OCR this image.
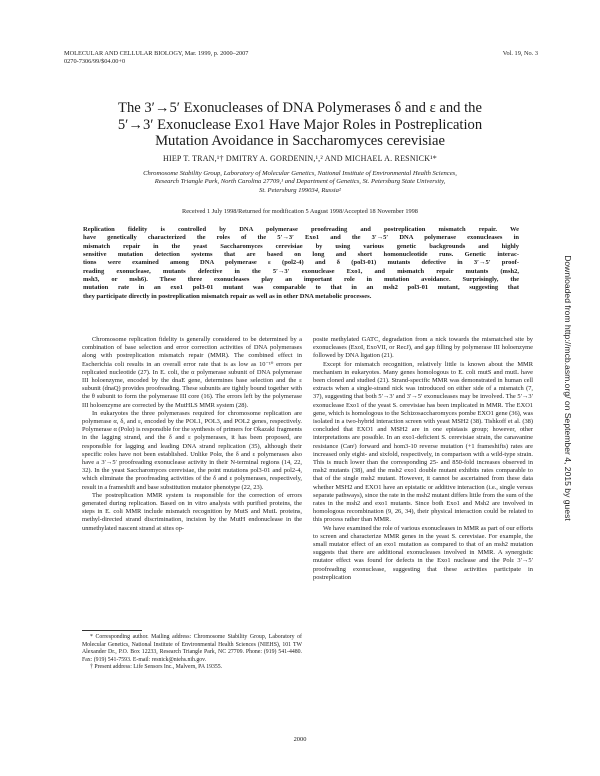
MOLECULAR AND CELLULAR BIOLOGY, Mar. 1999, p. 2000–2007
0270-7306/99/$04.00+0
Vol. 19, No. 3
The 3′→5′ Exonucleases of DNA Polymerases δ and ε and the
5′→3′ Exonuclease Exo1 Have Major Roles in Postreplication
Mutation Avoidance in Saccharomyces cerevisiae
HIEP T. TRAN,¹† DMITRY A. GORDENIN,¹,² AND MICHAEL A. RESNICK¹*
Chromosome Stability Group, Laboratory of Molecular Genetics, National Institute of Environmental Health Sciences,
Research Triangle Park, North Carolina 27709,¹ and Department of Genetics, St. Petersburg State University,
St. Petersburg 199034, Russia²
Received 1 July 1998/Returned for modification 5 August 1998/Accepted 18 November 1998
Replication fidelity is controlled by DNA polymerase proofreading and postreplication mismatch repair. We
have genetically characterized the roles of the 5′→3′ Exo1 and the 3′→5′ DNA polymerase exonucleases in
mismatch repair in the yeast Saccharomyces cerevisiae by using various genetic backgrounds and highly
sensitive mutation detection systems that are based on long and short homonucleotide runs. Genetic interac-
tions were examined among DNA polymerase ε (pol2-4) and δ (pol3-01) mutants defective in 3′→5′ proof-
reading exonuclease, mutants defective in the 5′→3′ exonuclease Exo1, and mismatch repair mutants (msh2,
msh3, or msh6). These three exonucleases play an important role in mutation avoidance. Surprisingly, the
mutation rate in an exo1 pol3-01 mutant was comparable to that in an msh2 pol3-01 mutant, suggesting that
they participate directly in postreplication mismatch repair as well as in other DNA metabolic processes.

Chromosome replication fidelity is generally considered to be determined by a combination of base selection and error correction activities of DNA polymerases along with postreplication mismatch repair (MMR). The combined effect in Escherichia coli results in an overall error rate that is as low as 10⁻¹⁰ errors per replicated nucleotide (27). In E. coli, the α polymerase subunit of DNA polymerase III holoenzyme, encoded by the dnaE gene, determines base selection and the ε subunit (dnaQ) provides proofreading. These subunits are tightly bound together with the θ subunit to form the polymerase III core (16). The errors left by the polymerase III holoenzyme are corrected by the MutHLS MMR system (28).

In eukaryotes the three polymerases required for chromosome replication are polymerase α, δ, and ε, encoded by the POL1, POL3, and POL2 genes, respectively. Polymerase α (Polα) is responsible for the synthesis of primers for Okazaki fragments in the lagging strand, and the δ and ε polymerases, it has been proposed, are responsible for lagging and leading DNA strand replication (35), although their specific roles have not been established. Unlike Polα, the δ and ε polymerases also have a 3′→5′ proofreading exonuclease activity in their N-terminal regions (14, 22, 32). In the yeast Saccharomyces cerevisiae, the point mutations pol3-01 and pol2-4, which eliminate the proofreading activities of the δ and ε polymerases, respectively, result in a frameshift and base substitution mutator phenotype (22, 23).

The postreplication MMR system is responsible for the correction of errors generated during replication. Based on in vitro analysis with purified proteins, the steps in E. coli MMR include mismatch recognition by MutS and MutL proteins, methyl-directed strand discrimination, incision by the MutH endonuclease in the unmethylated nascent strand at sites op-

posite methylated GATC, degradation from a nick towards the mismatched site by exonucleases (ExoI, ExoVII, or RecJ), and gap filling by polymerase III holoenzyme followed by DNA ligation (21).

Except for mismatch recognition, relatively little is known about the MMR mechanism in eukaryotes. Many genes homologous to E. coli mutS and mutL have been cloned and studied (21). Strand-specific MMR was demonstrated in human cell extracts when a single-strand nick was introduced on either side of a mismatch (7, 37), suggesting that both 5′→3′ and 3′→5′ exonucleases may be involved. The 5′→3′ exonuclease Exo1 of the yeast S. cerevisiae has been implicated in MMR. The EXO1 gene, which is homologous to the Schizosaccharomyces pombe EXO1 gene (36), was isolated in a two-hybrid interaction screen with yeast MSH2 (38). Tishkoff et al. (38) concluded that EXO1 and MSH2 are in one epistasis group; however, other interpretations are possible. In an exo1-deficient S. cerevisiae strain, the canavanine resistance (Canʳ) forward and hom3-10 reverse mutation (+1 frameshifts) rates are increased only eight- and sixfold, respectively, in comparison with a wild-type strain. This is much lower than the corresponding 25- and 850-fold increases observed in msh2 mutants (38), and the msh2 exo1 double mutant exhibits rates comparable to that of the single msh2 mutant. However, it cannot be ascertained from these data whether MSH2 and EXO1 have an epistatic or additive interaction (i.e., single versus separate pathways), since the rate in the msh2 mutant differs little from the sum of the rates in the msh2 and exo1 mutants. Since both Exo1 and Msh2 are involved in homologous recombination (9, 26, 34), their physical interaction could be related to this process rather than MMR.

We have examined the role of various exonucleases in MMR as part of our efforts to screen and characterize MMR genes in the yeast S. cerevisiae. For example, the small mutator effect of an exo1 mutation as compared to that of an msh2 mutation suggests that there are additional exonucleases involved in MMR. A synergistic mutator effect was found for defects in the Exo1 nuclease and the Polε 3′→5′ proofreading exonuclease, suggesting that these activities participate in postreplication

* Corresponding author. Mailing address: Chromosome Stability Group, Laboratory of Molecular Genetics, National Institute of Environmental Health Sciences (NIEHS), 101 TW Alexander Dr., P.O. Box 12233, Research Triangle Park, NC 27709. Phone: (919) 541-4480. Fax: (919) 541-7593. E-mail: resnick@niehs.nih.gov.

† Present address: Life Sensors Inc., Malvern, PA 19355.

2000
Downloaded from http://mcb.asm.org/ on September 4, 2015 by guest
